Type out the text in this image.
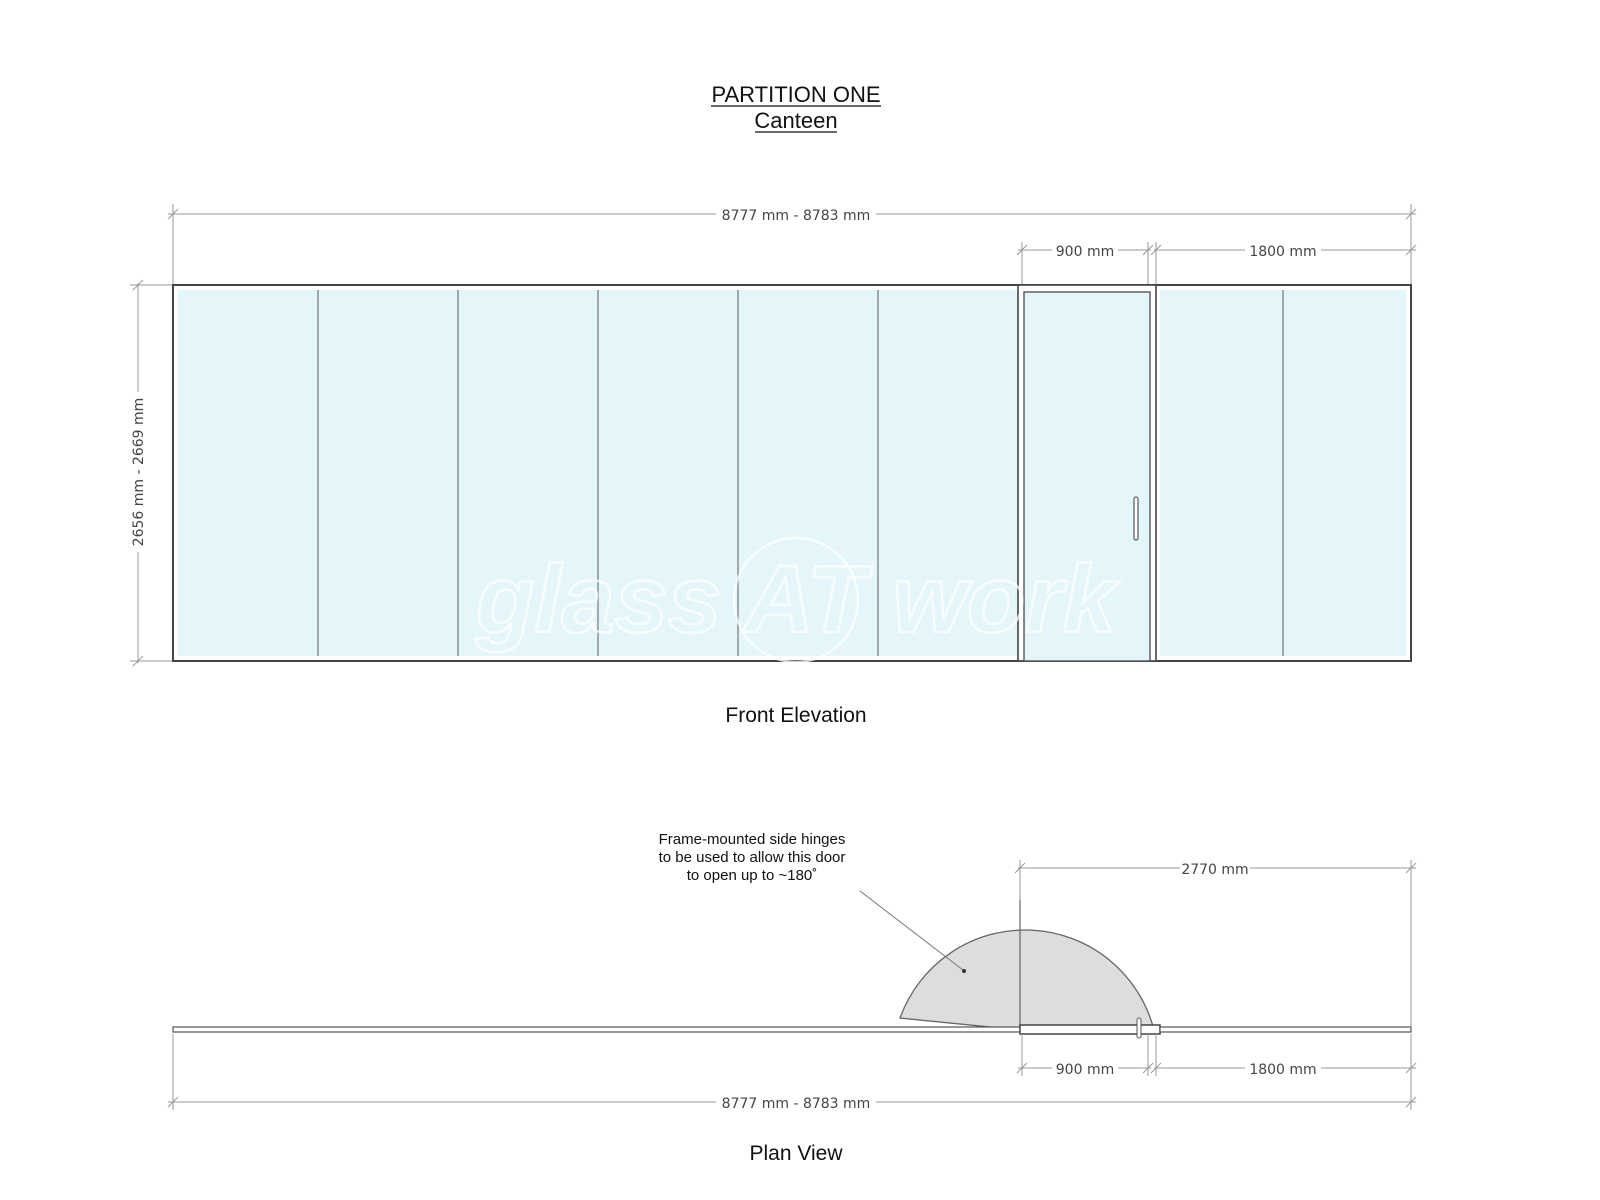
PARTITION ONE
Canteen
8777 mm - 8783 mm
900 mm	1800 mm
2656 mm - 2669 mm
glass AT work
Front Elevation
Frame-mounted side hinges
to be used to allow this door
to open up to ~180˚	2770 mm
900 mm	1800 mm
8777 mm - 8783 mm
Plan View
